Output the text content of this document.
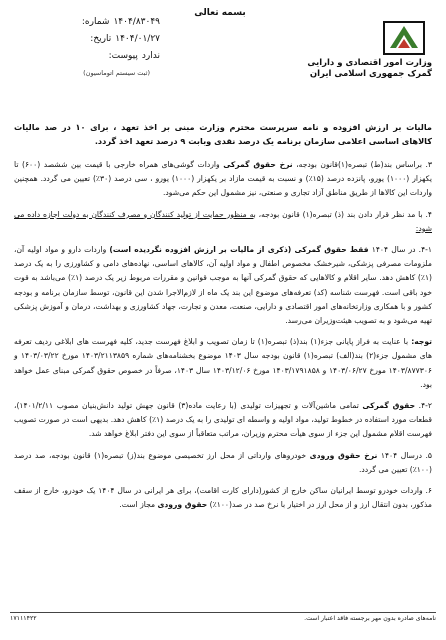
بسمه تعالی
وزارت امور اقتصادی و دارایی
گمرک جمهوری اسلامی ایران
شماره: ۱۴۰۴/۸۳۰۴۹
تاریخ: ۱۴۰۴/۰۱/۲۷
پیوست: ندارد
(ثبت سیستم اتوماسیون)
مالیات بر ارزش افزوده و نامه سرپرست محترم وزارت مبنی بر اخذ تعهد ، برای ۱۰ در صد مالیات کالاهای اساسی اعلامی سازمان برنامه یک درصد نقدی وبابت ۹ درصد تعهد اخذ گردد.

۳. براساس بند(ط) تبصره(۱)قانون بودجه، نرخ حقوق گمرکی واردات گوشی‌های همراه خارجی با قیمت بین ششصد (۶۰۰) تا یکهزار (۱۰۰۰) یورو، پانزده درصد (۱۵٪) و نسبت به قیمت مازاد بر یکهزار (۱۰۰۰) یورو ، سی درصد (۳۰٪) تعیین می گردد. همچنین واردات این کالاها از طریق مناطق آزاد تجاری و صنعتی، نیز مشمول این حکم می‌شود.

۴. با مد نظر قرار دادن بند (ذ) تبصره(۱) قانون بودجه، به منظور حمایت از تولید کنندگان و مصرف کنندگان به دولت اجازه داده می شود:

۴-۱. در سال ۱۴۰۴ فقط حقوق گمرکی (ذکری از مالیات بر ارزش افزوده نگردیده است) واردات دارو و مواد اولیه آن، ملزومات مصرفی پزشکی، شیرخشک مخصوص اطفال و مواد اولیه آن، کالاهای اساسی، نهاده‌های دامی و کشاورزی را به یک درصد (۱٪) کاهش دهد. سایر اقلام و کالاهایی که حقوق گمرکی آنها به موجب قوانین و مقررات مربوط زیر یک درصد (۱٪) می‌باشد به قوت خود باقی است. فهرست شناسه (کد) تعرفه‌های موضوع این بند یک ماه از لازم‌الاجرا شدن این قانون، توسط سازمان برنامه و بودجه کشور و با همکاری وزارتخانه‌های امور اقتصادی و دارایی، صنعت، معدن و تجارت، جهاد کشاورزی و بهداشت، درمان و آموزش پزشکی تهیه می‌شود و به تصویب هیئت‌وزیران می‌رسد.

توجه: با عنایت به فراز پایانی جزء(۱) بند(ذ) تبصره(۱) تا زمان تصویب و ابلاغ فهرست جدید، کلیه فهرست های ابلاغی ردیف تعرفه های مشمول جزء(۲) بند(الف) تبصره(۱) قانون بودجه سال ۱۴۰۳ موضوع بخشنامه‌های شماره ۱۴۰۳/۲۱۱۳۸۵۹ مورخ ۱۴۰۳/۰۳/۲۲ و ۱۴۰۳/۸۷۷۳۰۶ مورخ ۱۴۰۳/۰۶/۲۷ و ۱۴۰۳/۱۷۹۱۸۵۸ مورخ ۱۴۰۳/۱۲/۰۶ سال ۱۴۰۳، صرفاً در خصوص حقوق گمرکی مبنای عمل خواهد بود.

۴-۲. حقوق گمرکی تمامی ماشین‌آلات و تجهیزات تولیدی (با رعایت ماده(۳) قانون جهش تولید دانش‌بنیان مصوب ۱۴۰۱/۲/۱۱)، قطعات مورد استفاده در خطوط تولید، مواد اولیه و واسطه ای تولیدی را به یک درصد (۱٪) کاهش دهد. بدیهی است در صورت تصویب فهرست اقلام مشمول این جزء از سوی هیأت محترم وزیران، مراتب متعاقباً از سوی این دفتر ابلاغ خواهد شد.

۵. درسال ۱۴۰۴ نرخ حقوق ورودی خودروهای وارداتی از محل ارز تخصیصی موضوع بند(ز) تبصره(۱) قانون بودجه، صد درصد (۱۰۰٪) تعیین می گردد.

۶. واردات خودرو توسط ایرانیان ساکن خارج از کشور(دارای کارت اقامت)، برای هر ایرانی در سال ۱۴۰۴ یک خودرو، خارج از سقف مذکور، بدون انتقال ارز و از محل ارز در اختیار با نرخ صد در صد(۱۰۰٪) حقوق ورودی مجاز است.

۱۷۱۱۱۴۲۲	نامه‌های صادره بدون مهر برجسته فاقد اعتبار است.
